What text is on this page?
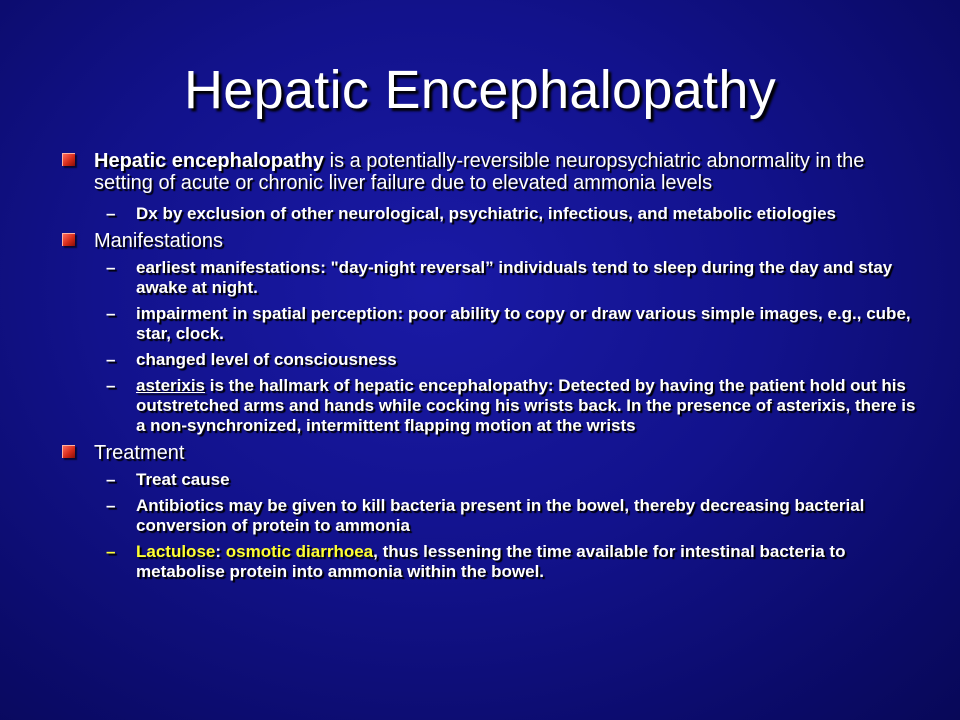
Hepatic Encephalopathy
Hepatic encephalopathy is a potentially-reversible neuropsychiatric abnormality in the setting of acute or chronic liver failure due to elevated ammonia levels
– Dx by exclusion of other neurological, psychiatric, infectious, and metabolic etiologies
Manifestations
– earliest manifestations: "day-night reversal” individuals tend to sleep during the day and stay awake at night.
– impairment in spatial perception: poor ability to copy or draw various simple images, e.g., cube, star, clock.
– changed level of consciousness
– asterixis is the hallmark of hepatic encephalopathy: Detected by having the patient hold out his outstretched arms and hands while cocking his wrists back. In the presence of asterixis, there is a non-synchronized, intermittent flapping motion at the wrists
Treatment
– Treat cause
– Antibiotics may be given to kill bacteria present in the bowel, thereby decreasing bacterial conversion of protein to ammonia
– Lactulose: osmotic diarrhoea, thus lessening the time available for intestinal bacteria to metabolise protein into ammonia within the bowel.
